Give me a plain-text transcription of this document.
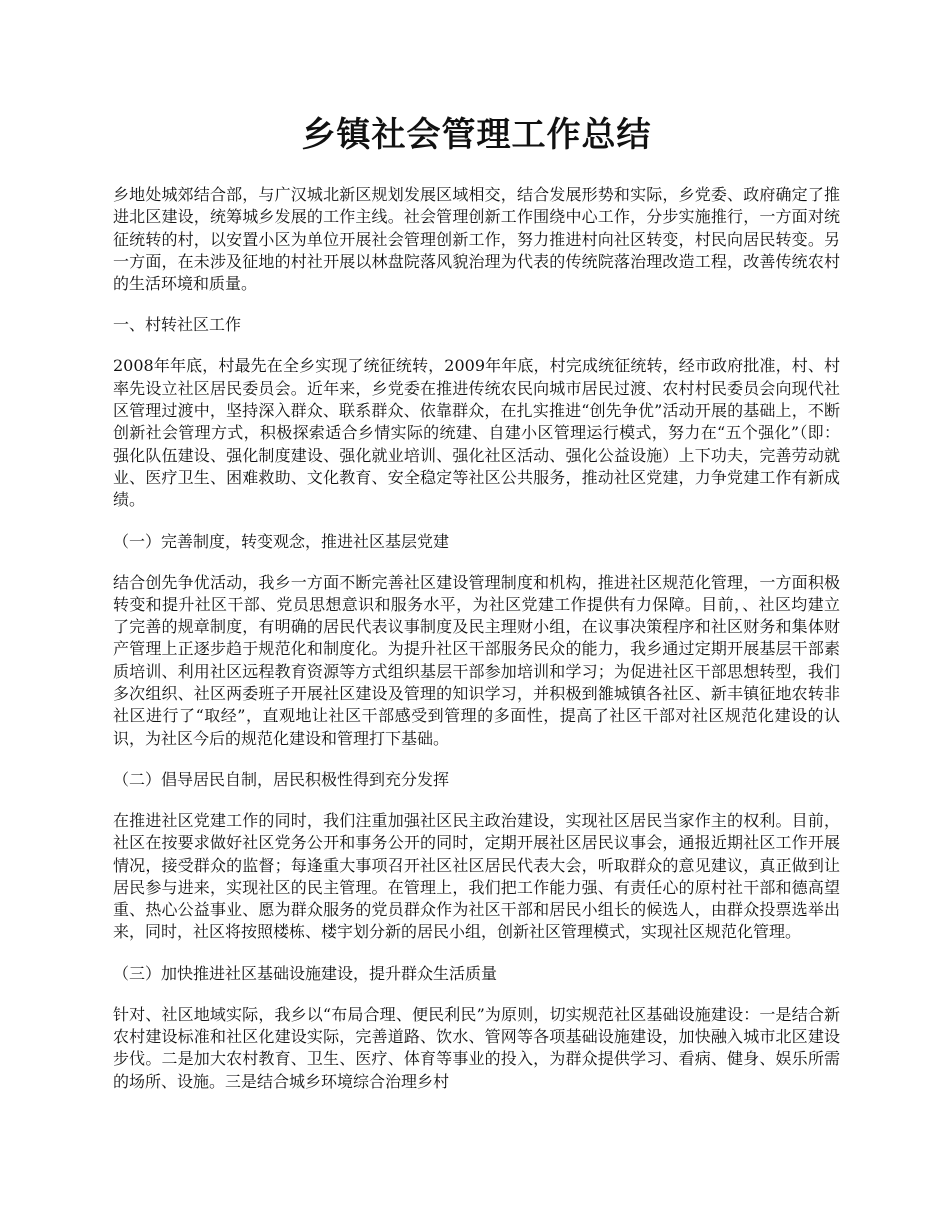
乡镇社会管理工作总结

乡地处城郊结合部，与广汉城北新区规划发展区域相交，结合发展形势和实际，乡党委、政府确定了推进北区建设，统筹城乡发展的工作主线。社会管理创新工作围绕中心工作，分步实施推行，一方面对统征统转的村，以安置小区为单位开展社会管理创新工作，努力推进村向社区转变，村民向居民转变。另一方面，在未涉及征地的村社开展以林盘院落风貌治理为代表的传统院落治理改造工程，改善传统农村的生活环境和质量。

一、村转社区工作

2008年年底，村最先在全乡实现了统征统转，2009年年底，村完成统征统转，经市政府批准，村、村率先设立社区居民委员会。近年来，乡党委在推进传统农民向城市居民过渡、农村村民委员会向现代社区管理过渡中，坚持深入群众、联系群众、依靠群众，在扎实推进“创先争优”活动开展的基础上，不断创新社会管理方式，积极探索适合乡情实际的统建、自建小区管理运行模式，努力在“五个强化”（即：强化队伍建设、强化制度建设、强化就业培训、强化社区活动、强化公益设施）上下功夫，完善劳动就业、医疗卫生、困难救助、文化教育、安全稳定等社区公共服务，推动社区党建，力争党建工作有新成绩。

（一）完善制度，转变观念，推进社区基层党建

结合创先争优活动，我乡一方面不断完善社区建设管理制度和机构，推进社区规范化管理，一方面积极转变和提升社区干部、党员思想意识和服务水平，为社区党建工作提供有力保障。目前，、社区均建立了完善的规章制度，有明确的居民代表议事制度及民主理财小组，在议事决策程序和社区财务和集体财产管理上正逐步趋于规范化和制度化。为提升社区干部服务民众的能力，我乡通过定期开展基层干部素质培训、利用社区远程教育资源等方式组织基层干部参加培训和学习；为促进社区干部思想转型，我们多次组织、社区两委班子开展社区建设及管理的知识学习，并积极到雒城镇各社区、新丰镇征地农转非社区进行了“取经”，直观地让社区干部感受到管理的多面性，提高了社区干部对社区规范化建设的认识，为社区今后的规范化建设和管理打下基础。

（二）倡导居民自制，居民积极性得到充分发挥

在推进社区党建工作的同时，我们注重加强社区民主政治建设，实现社区居民当家作主的权利。目前，社区在按要求做好社区党务公开和事务公开的同时，定期开展社区居民议事会，通报近期社区工作开展情况，接受群众的监督；每逢重大事项召开社区社区居民代表大会，听取群众的意见建议，真正做到让居民参与进来，实现社区的民主管理。在管理上，我们把工作能力强、有责任心的原村社干部和德高望重、热心公益事业、愿为群众服务的党员群众作为社区干部和居民小组长的候选人，由群众投票选举出来，同时，社区将按照楼栋、楼宇划分新的居民小组，创新社区管理模式，实现社区规范化管理。

（三）加快推进社区基础设施建设，提升群众生活质量

针对、社区地域实际，我乡以“布局合理、便民利民”为原则，切实规范社区基础设施建设：一是结合新农村建设标准和社区化建设实际，完善道路、饮水、管网等各项基础设施建设，加快融入城市北区建设步伐。二是加大农村教育、卫生、医疗、体育等事业的投入，为群众提供学习、看病、健身、娱乐所需的场所、设施。三是结合城乡环境综合治理乡村
